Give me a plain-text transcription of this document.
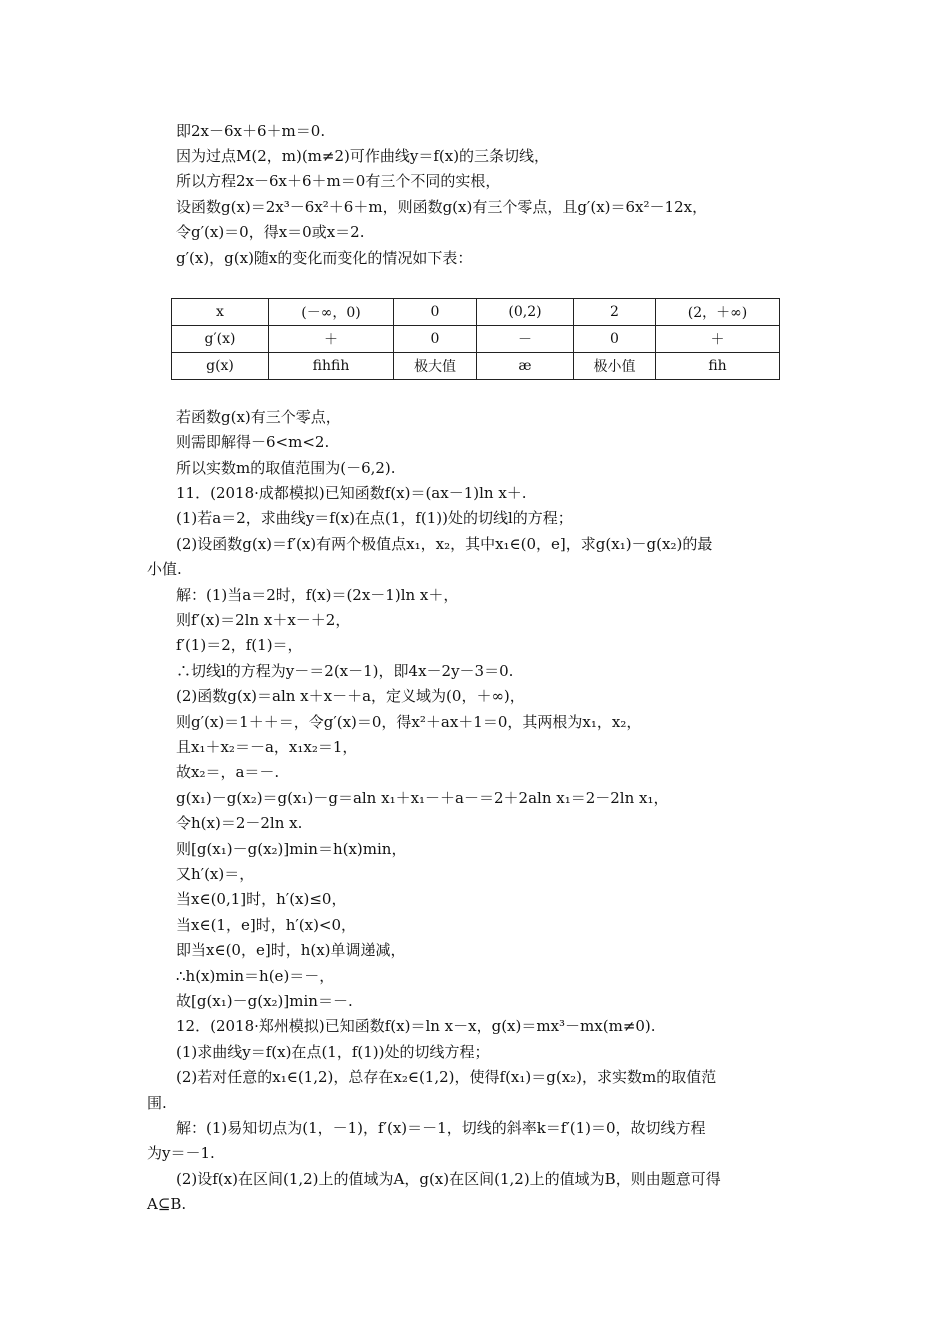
即2x－6x＋6＋m＝0.
因为过点M(2，m)(m≠2)可作曲线y＝f(x)的三条切线，
所以方程2x－6x＋6＋m＝0有三个不同的实根，
设函数g(x)＝2x³－6x²＋6＋m，则函数g(x)有三个零点，且g′(x)＝6x²－12x，
令g′(x)＝0，得x＝0或x＝2.
g′(x)，g(x)随x的变化而变化的情况如下表：
x	(－∞，0)	0	(0,2)	2	(2，＋∞)
g′(x)	＋	0	－	0	＋
g(x)	ﬁhﬁh	极大值	æ	极小值	ﬁh
若函数g(x)有三个零点，
则需即解得－6<m<2.
所以实数m的取值范围为(－6,2).
11．(2018·成都模拟)已知函数f(x)＝(ax－1)ln x＋.
(1)若a＝2，求曲线y＝f(x)在点(1，f(1))处的切线l的方程；
(2)设函数g(x)＝f′(x)有两个极值点x₁，x₂，其中x₁∈(0，e]，求g(x₁)－g(x₂)的最
小值.
解：(1)当a＝2时，f(x)＝(2x－1)ln x＋，
则f′(x)＝2ln x＋x－＋2，
f′(1)＝2，f(1)＝，
∴切线l的方程为y－＝2(x－1)，即4x－2y－3＝0.
(2)函数g(x)＝aln x＋x－＋a，定义域为(0，＋∞)，
则g′(x)＝1＋＋＝，令g′(x)＝0，得x²＋ax＋1＝0，其两根为x₁，x₂，
且x₁＋x₂＝－a，x₁x₂＝1，
故x₂＝，a＝－.
g(x₁)－g(x₂)＝g(x₁)－g＝aln x₁＋x₁－＋a－＝2＋2aln x₁＝2－2ln x₁，
令h(x)＝2－2ln x.
则[g(x₁)－g(x₂)]min＝h(x)min，
又h′(x)＝，
当x∈(0,1]时，h′(x)≤0，
当x∈(1，e]时，h′(x)<0，
即当x∈(0，e]时，h(x)单调递减，
∴h(x)min＝h(e)＝－，
故[g(x₁)－g(x₂)]min＝－.
12．(2018·郑州模拟)已知函数f(x)＝ln x－x，g(x)＝mx³－mx(m≠0).
(1)求曲线y＝f(x)在点(1，f(1))处的切线方程；
(2)若对任意的x₁∈(1,2)，总存在x₂∈(1,2)，使得f(x₁)＝g(x₂)，求实数m的取值范
围.
解：(1)易知切点为(1，－1)，f′(x)＝－1，切线的斜率k＝f′(1)＝0，故切线方程
为y＝－1.
(2)设f(x)在区间(1,2)上的值域为A，g(x)在区间(1,2)上的值域为B，则由题意可得
A⊆B.
